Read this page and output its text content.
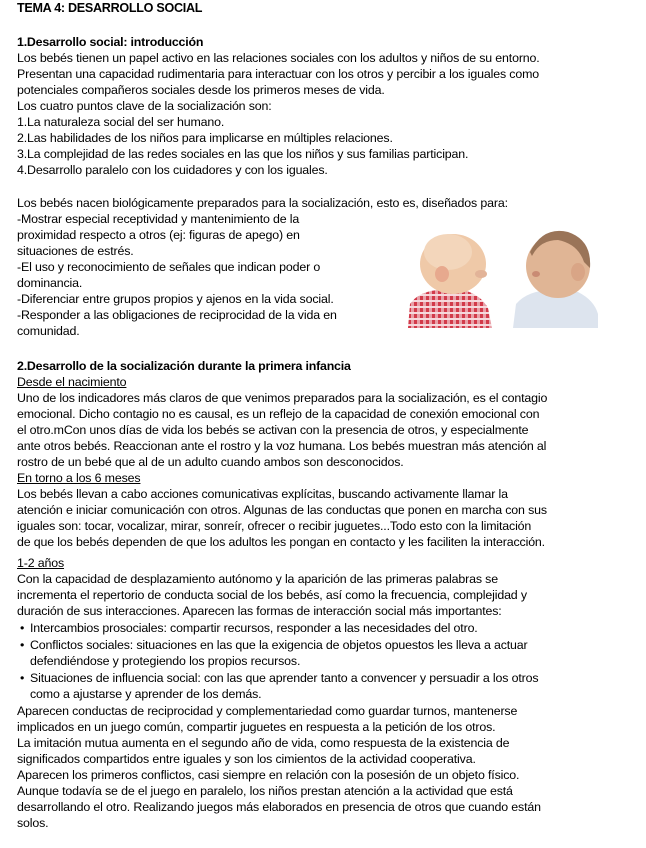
TEMA 4: DESARROLLO SOCIAL
1.Desarrollo social: introducción
Los bebés tienen un papel activo en las relaciones sociales con los adultos y niños de su entorno.
Presentan una capacidad rudimentaria para interactuar con los otros y percibir a los iguales como
potenciales compañeros sociales desde los primeros meses de vida.
Los cuatro puntos clave de la socialización son:
1.La naturaleza social del ser humano.
2.Las habilidades de los niños para implicarse en múltiples relaciones.
3.La complejidad de las redes sociales en las que los niños y sus familias participan.
4.Desarrollo paralelo con los cuidadores y con los iguales.
Los bebés nacen biológicamente preparados para la socialización, esto es, diseñados para:
-Mostrar especial receptividad y mantenimiento de la
proximidad respecto a otros (ej: figuras de apego) en
situaciones de estrés.
-El uso y reconocimiento de señales que indican poder o
dominancia.
-Diferenciar entre grupos propios y ajenos en la vida social.
-Responder a las obligaciones de reciprocidad de la vida en
comunidad.
2.Desarrollo de la socialización durante la primera infancia
Desde el nacimiento
Uno de los indicadores más claros de que venimos preparados para la socialización, es el contagio
emocional. Dicho contagio no es causal, es un reflejo de la capacidad de conexión emocional con
el otro.mCon unos días de vida los bebés se activan con la presencia de otros, y especialmente
ante otros bebés. Reaccionan ante el rostro y la voz humana. Los bebés muestran más atención al
rostro de un bebé que al de un adulto cuando ambos son desconocidos.
En torno a los 6 meses
Los bebés llevan a cabo acciones comunicativas explícitas, buscando activamente llamar la
atención e iniciar comunicación con otros. Algunas de las conductas que ponen en marcha con sus
iguales son: tocar, vocalizar, mirar, sonreír, ofrecer o recibir juguetes...Todo esto con la limitación
de que los bebés dependen de que los adultos les pongan en contacto y les faciliten la interacción.
1-2 años
Con la capacidad de desplazamiento autónomo y la aparición de las primeras palabras se
incrementa el repertorio de conducta social de los bebés, así como la frecuencia, complejidad y
duración de sus interacciones. Aparecen las formas de interacción social más importantes:
• Intercambios prosociales: compartir recursos, responder a las necesidades del otro.
• Conflictos sociales: situaciones en las que la exigencia de objetos opuestos les lleva a actuar
defendiéndose y protegiendo los propios recursos.
• Situaciones de influencia social: con las que aprender tanto a convencer y persuadir a los otros
como a ajustarse y aprender de los demás.
Aparecen conductas de reciprocidad y complementariedad como guardar turnos, mantenerse
implicados en un juego común, compartir juguetes en respuesta a la petición de los otros.
La imitación mutua aumenta en el segundo año de vida, como respuesta de la existencia de
significados compartidos entre iguales y son los cimientos de la actividad cooperativa.
Aparecen los primeros conflictos, casi siempre en relación con la posesión de un objeto físico.
Aunque todavía se de el juego en paralelo, los niños prestan atención a la actividad que está
desarrollando el otro. Realizando juegos más elaborados en presencia de otros que cuando están
solos.
